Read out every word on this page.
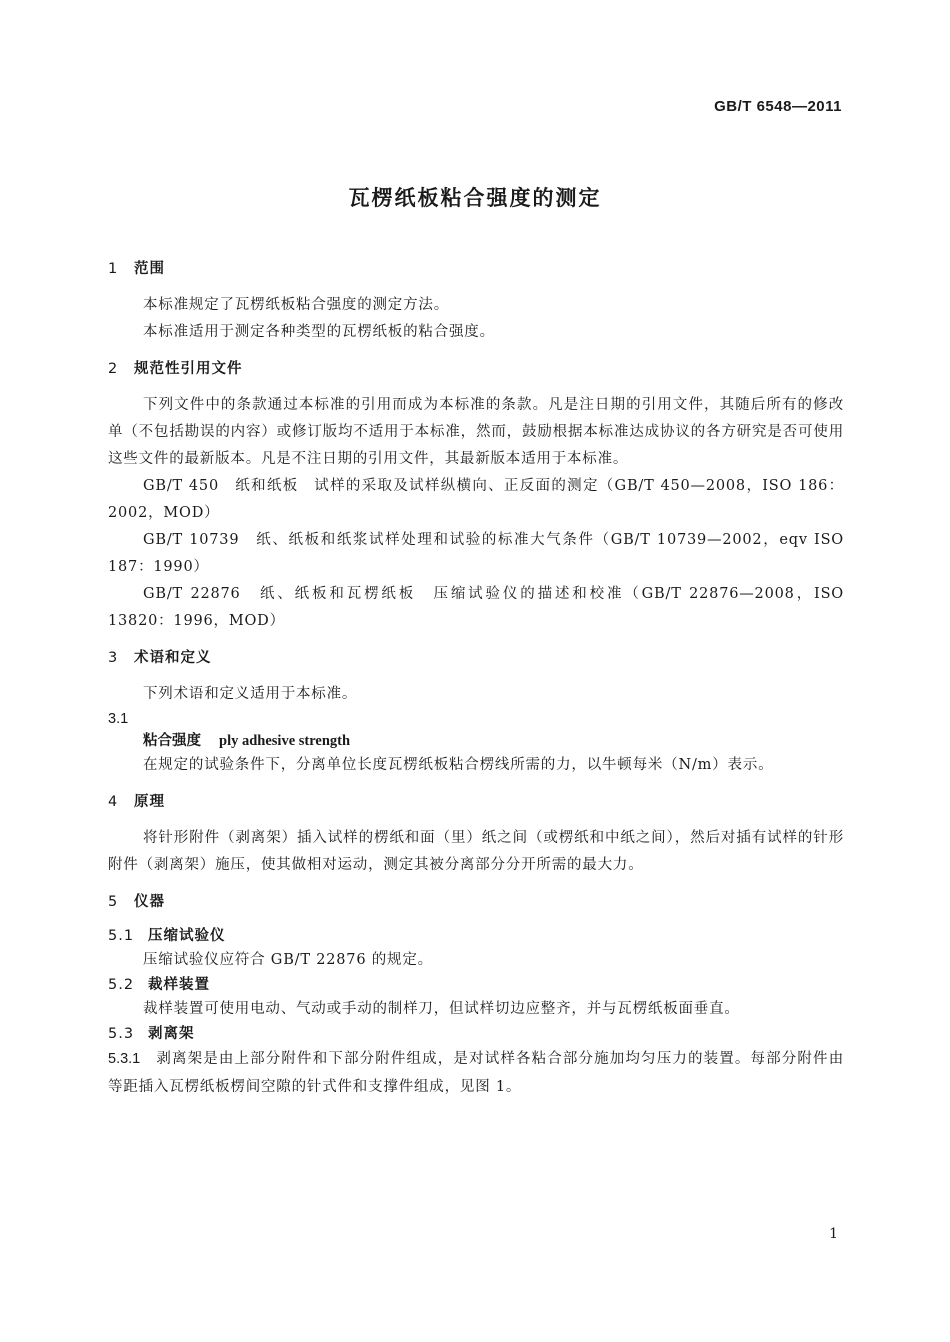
GB/T 6548—2011
瓦楞纸板粘合强度的测定
1 范围
本标准规定了瓦楞纸板粘合强度的测定方法。
本标准适用于测定各种类型的瓦楞纸板的粘合强度。
2 规范性引用文件
下列文件中的条款通过本标准的引用而成为本标准的条款。凡是注日期的引用文件，其随后所有的修改单（不包括勘误的内容）或修订版均不适用于本标准，然而，鼓励根据本标准达成协议的各方研究是否可使用这些文件的最新版本。凡是不注日期的引用文件，其最新版本适用于本标准。
GB/T 450　纸和纸板　试样的采取及试样纵横向、正反面的测定（GB/T 450—2008，ISO 186：2002，MOD）
GB/T 10739　纸、纸板和纸浆试样处理和试验的标准大气条件（GB/T 10739—2002，eqv ISO 187：1990）
GB/T 22876　纸、纸板和瓦楞纸板　压缩试验仪的描述和校准（GB/T 22876—2008，ISO 13820：1996，MOD）
3 术语和定义
下列术语和定义适用于本标准。
3.1
粘合强度 ply adhesive strength
在规定的试验条件下，分离单位长度瓦楞纸板粘合楞线所需的力，以牛顿每米（N/m）表示。
4 原理
将针形附件（剥离架）插入试样的楞纸和面（里）纸之间（或楞纸和中纸之间），然后对插有试样的针形附件（剥离架）施压，使其做相对运动，测定其被分离部分分开所需的最大力。
5 仪器
5.1 压缩试验仪
压缩试验仪应符合 GB/T 22876 的规定。
5.2 裁样装置
裁样装置可使用电动、气动或手动的制样刀，但试样切边应整齐，并与瓦楞纸板面垂直。
5.3 剥离架
5.3.1 剥离架是由上部分附件和下部分附件组成，是对试样各粘合部分施加均匀压力的装置。每部分附件由等距插入瓦楞纸板楞间空隙的针式件和支撑件组成，见图 1。
1
